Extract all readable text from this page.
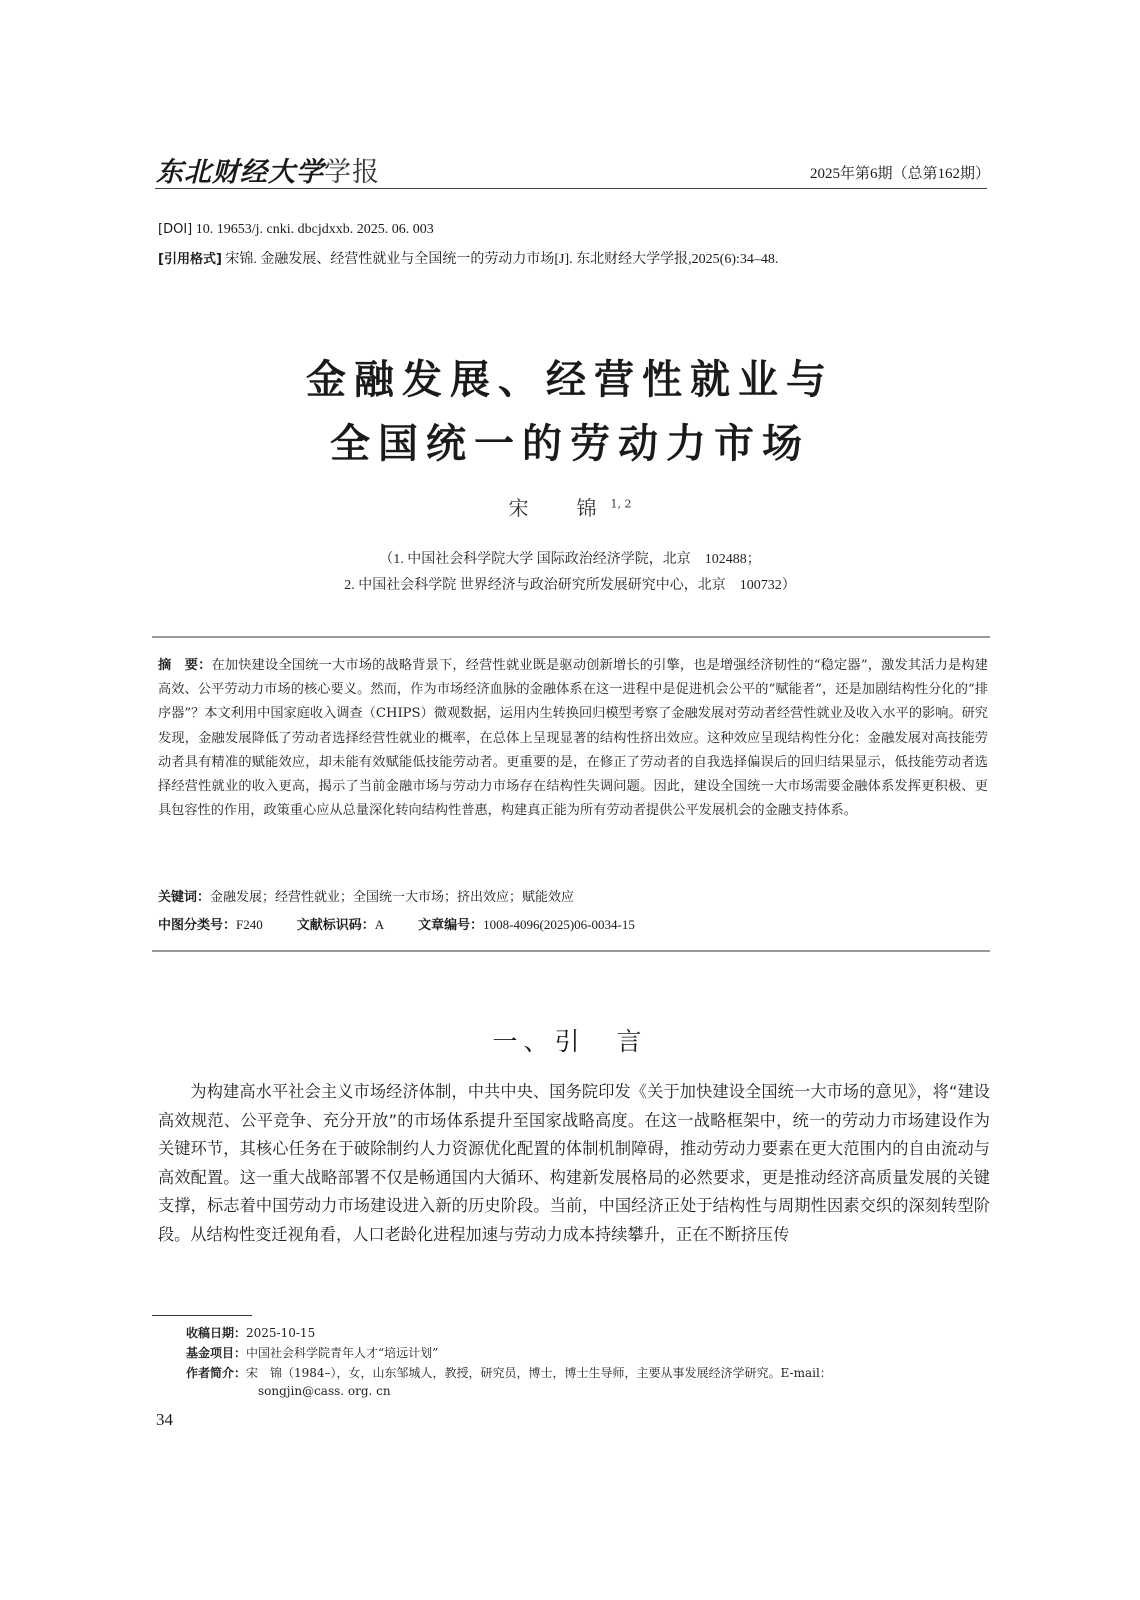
东北财经大学学报	2025年第6期（总第162期）
[DOI] 10. 19653/j. cnki. dbcjdxxb. 2025. 06. 003
[引用格式] 宋锦. 金融发展、经营性就业与全国统一的劳动力市场[J]. 东北财经大学学报,2025(6):34–48.
金融发展、经营性就业与
全国统一的劳动力市场
宋　锦$^{1, 2}$
（1. 中国社会科学院大学 国际政治经济学院，北京　102488；
2. 中国社会科学院 世界经济与政治研究所发展研究中心，北京　100732）
摘　要：在加快建设全国统一大市场的战略背景下，经营性就业既是驱动创新增长的引擎，也是增强经济韧性的“稳定器”，激发其活力是构建高效、公平劳动力市场的核心要义。然而，作为市场经济血脉的金融体系在这一进程中是促进机会公平的“赋能者”，还是加剧结构性分化的“排序器”？本文利用中国家庭收入调查（CHIPS）微观数据，运用内生转换回归模型考察了金融发展对劳动者经营性就业及收入水平的影响。研究发现，金融发展降低了劳动者选择经营性就业的概率，在总体上呈现显著的结构性挤出效应。这种效应呈现结构性分化：金融发展对高技能劳动者具有精准的赋能效应，却未能有效赋能低技能劳动者。更重要的是，在修正了劳动者的自我选择偏误后的回归结果显示，低技能劳动者选择经营性就业的收入更高，揭示了当前金融市场与劳动力市场存在结构性失调问题。因此，建设全国统一大市场需要金融体系发挥更积极、更具包容性的作用，政策重心应从总量深化转向结构性普惠，构建真正能为所有劳动者提供公平发展机会的金融支持体系。
关键词：金融发展；经营性就业；全国统一大市场；挤出效应；赋能效应
中图分类号：F240	文献标识码：A	文章编号：1008-4096(2025)06-0034-15
一、引　言
为构建高水平社会主义市场经济体制，中共中央、国务院印发《关于加快建设全国统一大市场的意见》，将“建设高效规范、公平竞争、充分开放”的市场体系提升至国家战略高度。在这一战略框架中，统一的劳动力市场建设作为关键环节，其核心任务在于破除制约人力资源优化配置的体制机制障碍，推动劳动力要素在更大范围内的自由流动与高效配置。这一重大战略部署不仅是畅通国内大循环、构建新发展格局的必然要求，更是推动经济高质量发展的关键支撑，标志着中国劳动力市场建设进入新的历史阶段。当前，中国经济正处于结构性与周期性因素交织的深刻转型阶段。从结构性变迁视角看，人口老龄化进程加速与劳动力成本持续攀升，正在不断挤压传
收稿日期：2025-10-15
基金项目：中国社会科学院青年人才“培远计划”
作者简介：宋　锦（1984–），女，山东邹城人，教授，研究员，博士，博士生导师，主要从事发展经济学研究。E-mail：
songjin@cass. org. cn
34
